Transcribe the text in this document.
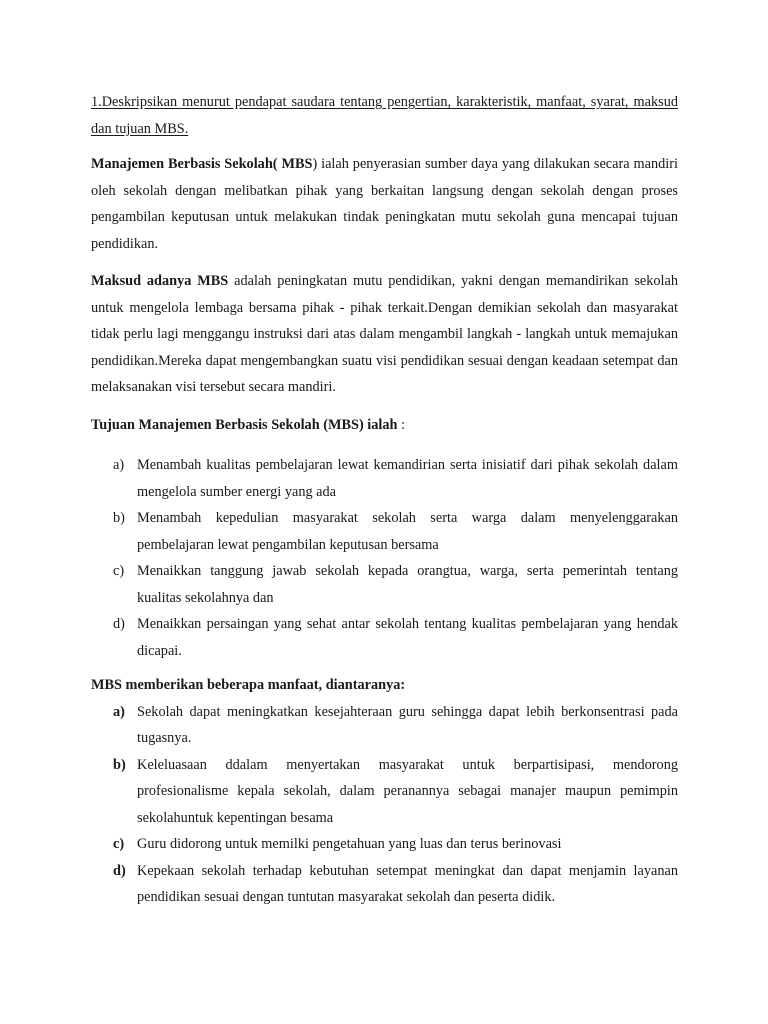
1.Deskripsikan menurut pendapat saudara tentang pengertian, karakteristik, manfaat, syarat, maksud dan tujuan MBS.

Manajemen Berbasis Sekolah( MBS) ialah penyerasian sumber daya yang dilakukan secara mandiri oleh sekolah dengan melibatkan pihak yang berkaitan langsung dengan sekolah dengan proses pengambilan keputusan untuk melakukan tindak peningkatan mutu sekolah guna mencapai tujuan pendidikan.

Maksud adanya MBS adalah peningkatan mutu pendidikan, yakni dengan memandirikan sekolah untuk mengelola lembaga bersama pihak - pihak terkait.Dengan demikian sekolah dan masyarakat tidak perlu lagi menggangu instruksi dari atas dalam mengambil langkah - langkah untuk memajukan pendidikan.Mereka dapat mengembangkan suatu visi pendidikan sesuai dengan keadaan setempat dan melaksanakan visi tersebut secara mandiri.

Tujuan Manajemen Berbasis Sekolah (MBS) ialah :

a) Menambah kualitas pembelajaran lewat kemandirian serta inisiatif dari pihak sekolah dalam mengelola sumber energi yang ada
b) Menambah kepedulian masyarakat sekolah serta warga dalam menyelenggarakan pembelajaran lewat pengambilan keputusan bersama
c) Menaikkan tanggung jawab sekolah kepada orangtua, warga, serta pemerintah tentang kualitas sekolahnya dan
d) Menaikkan persaingan yang sehat antar sekolah tentang kualitas pembelajaran yang hendak dicapai.

MBS memberikan beberapa manfaat, diantaranya:

a) Sekolah dapat meningkatkan kesejahteraan guru sehingga dapat lebih berkonsentrasi pada tugasnya.
b) Keleluasaan ddalam menyertakan masyarakat untuk berpartisipasi, mendorong profesionalisme kepala sekolah, dalam peranannya sebagai manajer maupun pemimpin sekolahuntuk kepentingan besama
c) Guru didorong untuk memilki pengetahuan yang luas dan terus berinovasi
d) Kepekaan sekolah terhadap kebutuhan setempat meningkat dan dapat menjamin layanan pendidikan sesuai dengan tuntutan masyarakat sekolah dan peserta didik.
